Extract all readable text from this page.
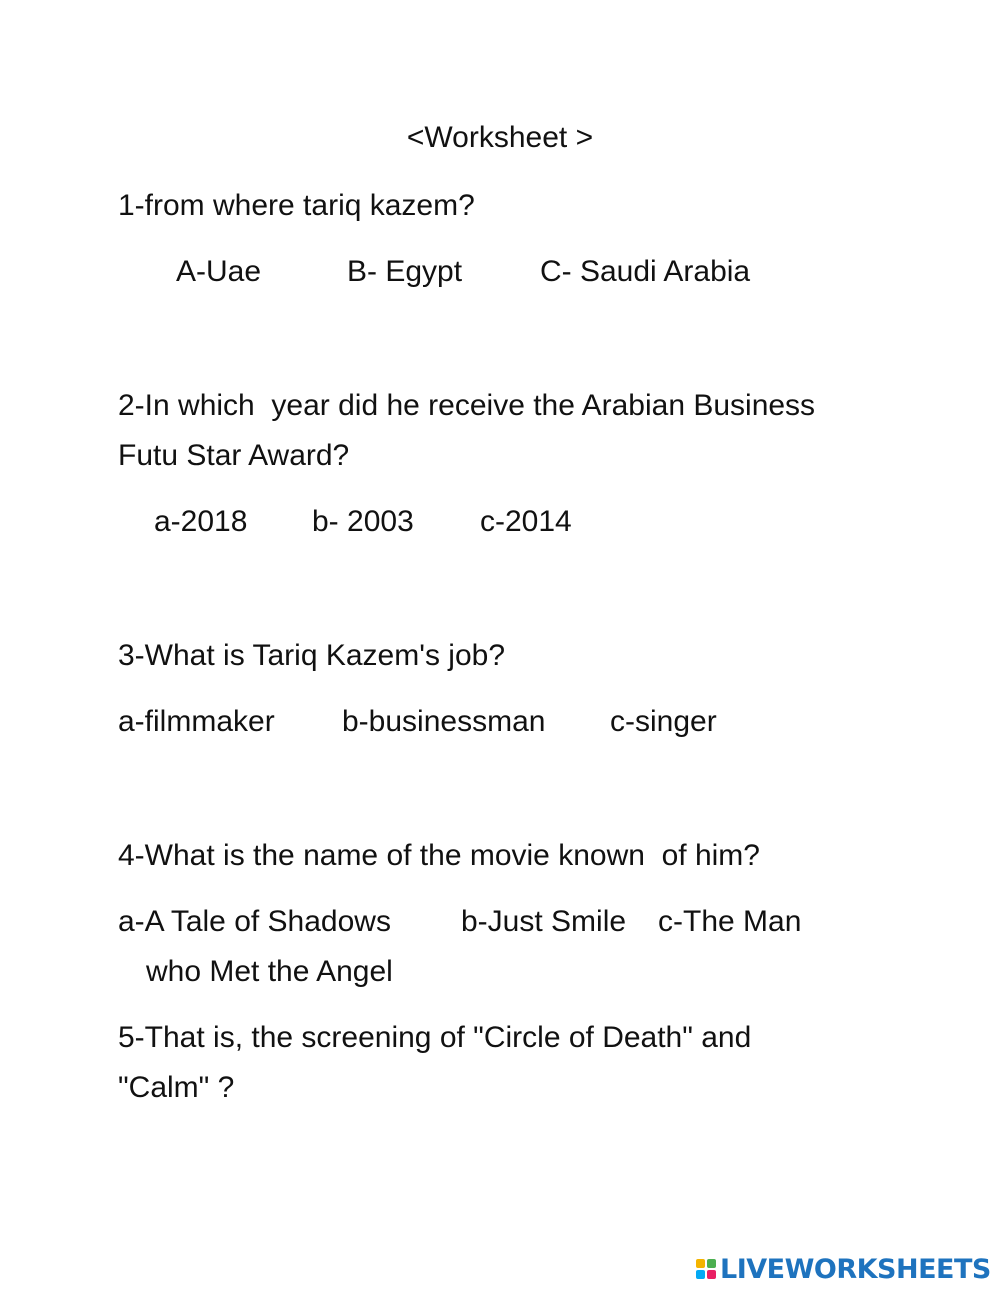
<Worksheet >
1-from where tariq kazem?
A-Uae	B- Egypt	C- Saudi Arabia
2-In which  year did he receive the Arabian Business
Futu Star Award?
a-2018 b- 2003 c-2014
3-What is Tariq Kazem's job?
a-filmmaker b-businessman c-singer
4-What is the name of the movie known  of him?
a-A Tale of Shadows b-Just Smile c-The Man
who Met the Angel
5-That is, the screening of "Circle of Death" and
"Calm" ?
LIVEWORKSHEETS
